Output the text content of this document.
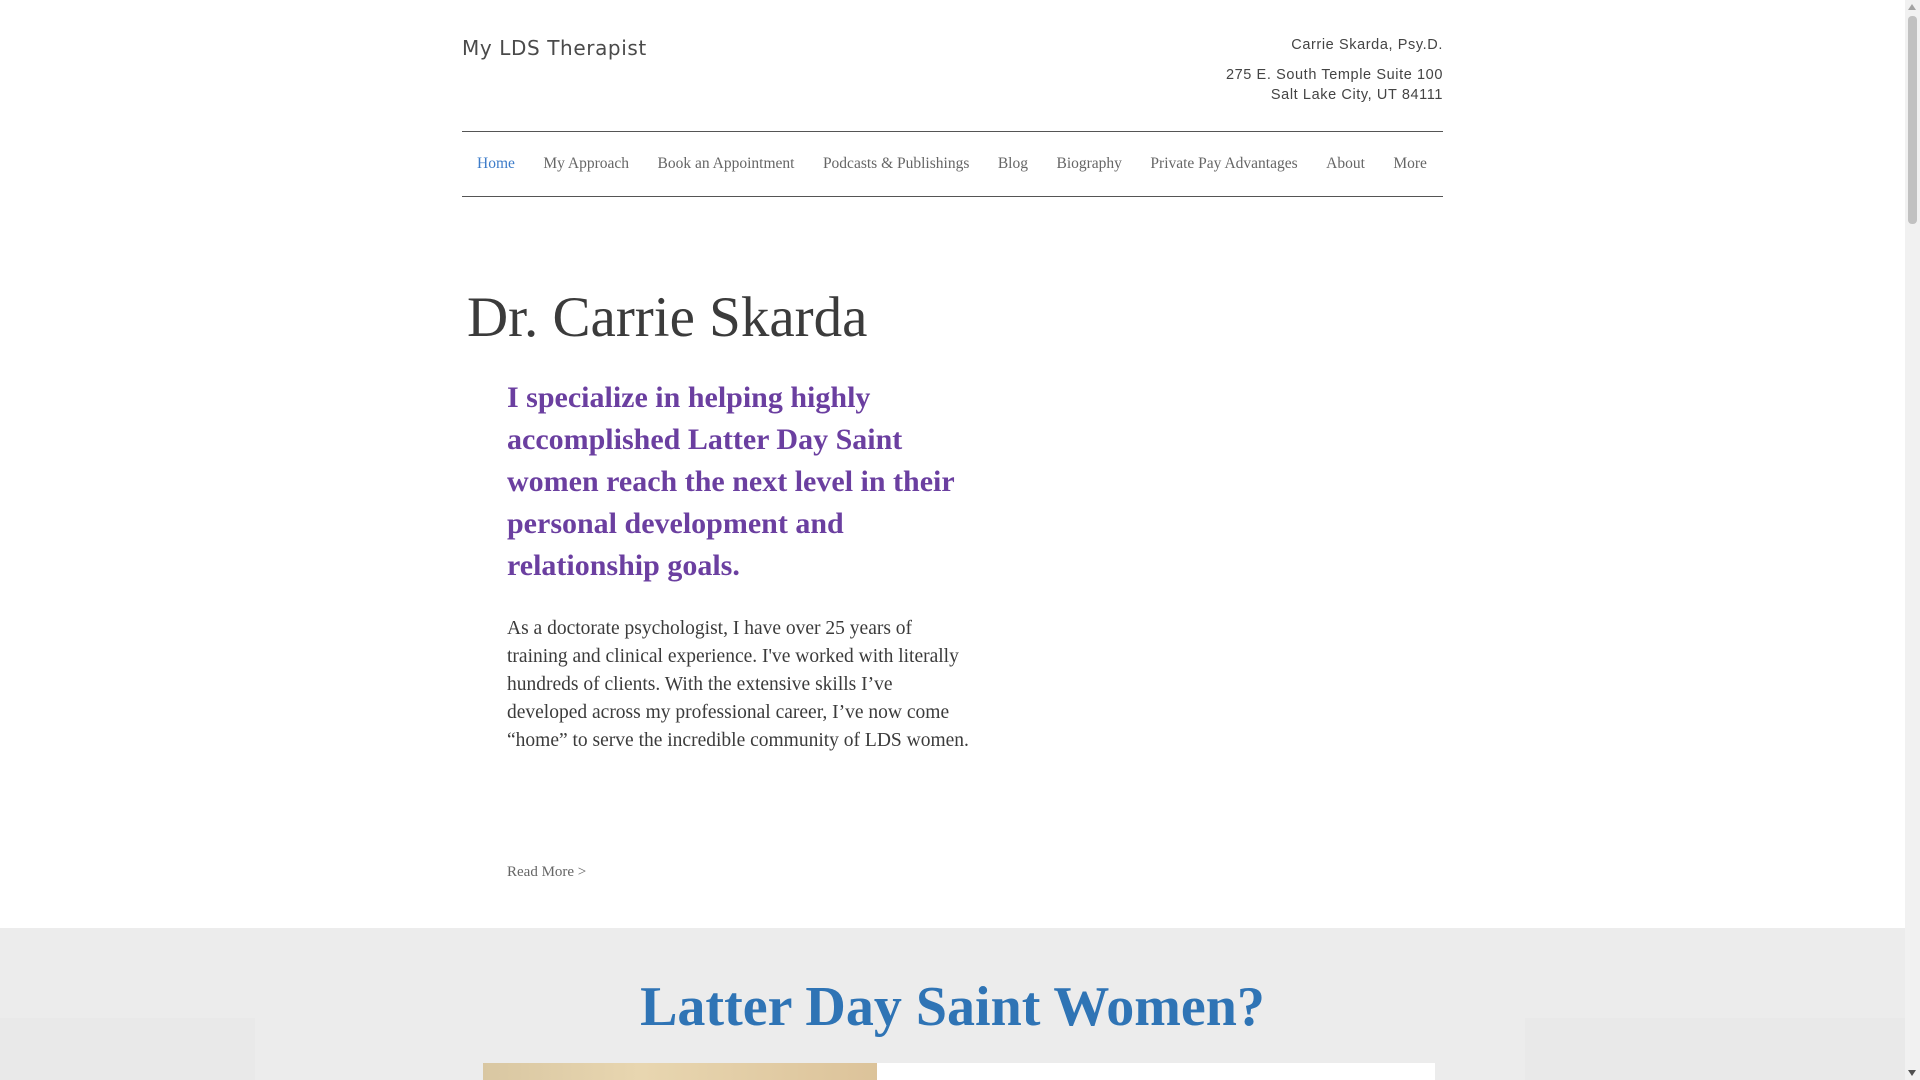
My LDS Therapist	Carrie Skarda, Psy.D.
275 E. South Temple Suite 100
Salt Lake City, UT 84111
Home My Approach Book an Appointment Podcasts & Publishings Blog Biography Private Pay Advantages About More
Dr. Carrie Skarda

I specialize in helping highly accomplished Latter Day Saint women reach the next level in their personal development and relationship goals.

As a doctorate psychologist, I have over 25 years of training and clinical experience. I've worked with literally hundreds of clients. With the extensive skills I’ve developed across my professional career, I’ve now come “home” to serve the incredible community of LDS women.

Read More >
Latter Day Saint Women?
